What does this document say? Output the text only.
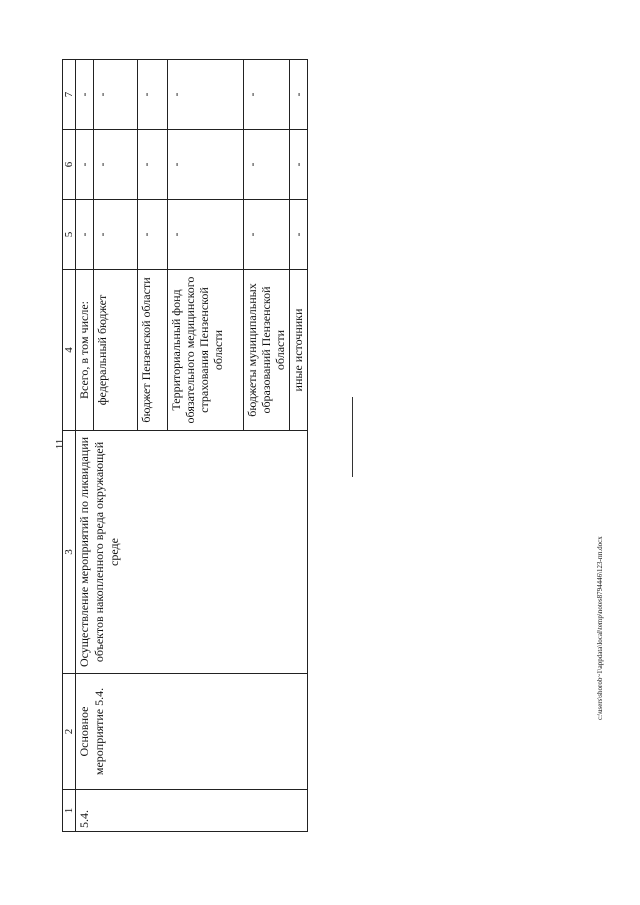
11
c:\users\shorob~1\appdata\local\temp\notes8794446\123-пп.docx
1	2	3	4	5	6	7
5.4.	Основное мероприятие 5.4.	Осуществление мероприятий по ликвидации объектов накопленного вреда окружающей среде	Всего, в том числе:	-	-	-
			федеральный бюджет	-	-	-
			бюджет Пензенской области	-	-	-
			Территориальный фонд обязательного медицинского страхования Пензенской области	-	-	-
			бюджеты муниципальных образований Пензенской области	-	-	-
			иные источники	-	-	-
